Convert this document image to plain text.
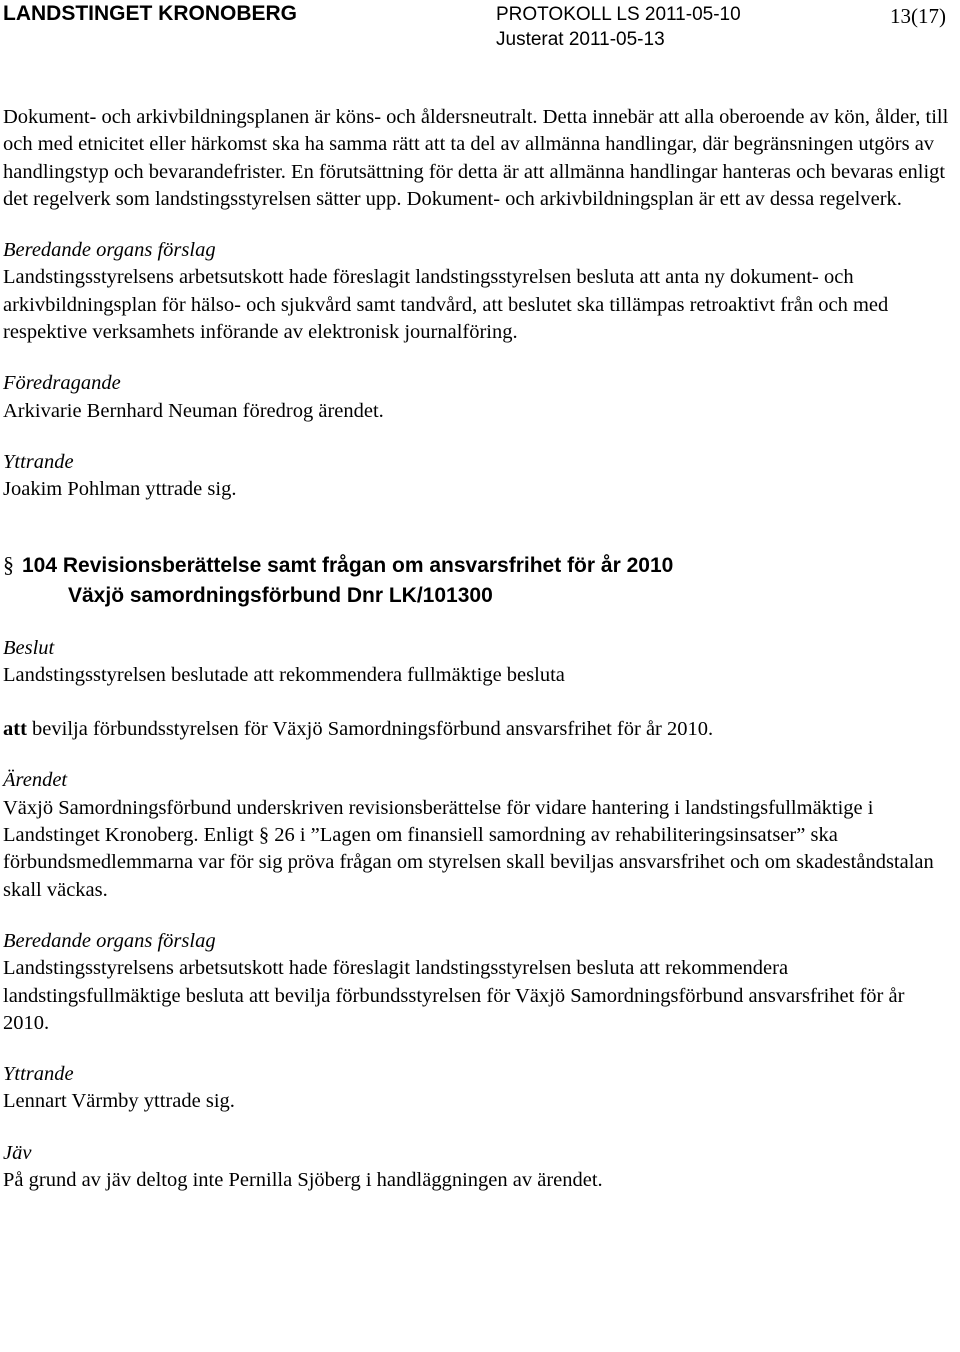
LANDSTINGET KRONOBERG	PROTOKOLL LS 2011-05-10
Justerat 2011-05-13
13(17)

Dokument- och arkivbildningsplanen är köns- och åldersneutralt. Detta innebär att alla oberoende av kön, ålder, till och med etnicitet eller härkomst ska ha samma rätt att ta del av allmänna handlingar, där begränsningen utgörs av handlingstyp och bevarandefrister. En förutsättning för detta är att allmänna handlingar hanteras och bevaras enligt det regelverk som landstingsstyrelsen sätter upp. Dokument- och arkivbildningsplan är ett av dessa regelverk.

Beredande organs förslag

Landstingsstyrelsens arbetsutskott hade föreslagit landstingsstyrelsen besluta att anta ny dokument- och arkivbildningsplan för hälso- och sjukvård samt tandvård, att beslutet ska tillämpas retroaktivt från och med respektive verksamhets införande av elektronisk journalföring.

Föredragande

Arkivarie Bernhard Neuman föredrog ärendet.

Yttrande

Joakim Pohlman yttrade sig.

§ 104 Revisionsberättelse samt frågan om ansvarsfrihet för år 2010
Växjö samordningsförbund Dnr LK/101300

Beslut

Landstingsstyrelsen beslutade att rekommendera fullmäktige besluta

att bevilja förbundsstyrelsen för Växjö Samordningsförbund ansvarsfrihet för år 2010.

Ärendet

Växjö Samordningsförbund underskriven revisionsberättelse för vidare hantering i landstingsfullmäktige i Landstinget Kronoberg. Enligt § 26 i ”Lagen om finansiell samordning av rehabiliteringsinsatser” ska förbundsmedlemmarna var för sig pröva frågan om styrelsen skall beviljas ansvarsfrihet och om skadeståndstalan skall väckas.

Beredande organs förslag

Landstingsstyrelsens arbetsutskott hade föreslagit landstingsstyrelsen besluta att rekommendera landstingsfullmäktige besluta att bevilja förbundsstyrelsen för Växjö Samordningsförbund ansvarsfrihet för år 2010.

Yttrande

Lennart Värmby yttrade sig.

Jäv

På grund av jäv deltog inte Pernilla Sjöberg i handläggningen av ärendet.
